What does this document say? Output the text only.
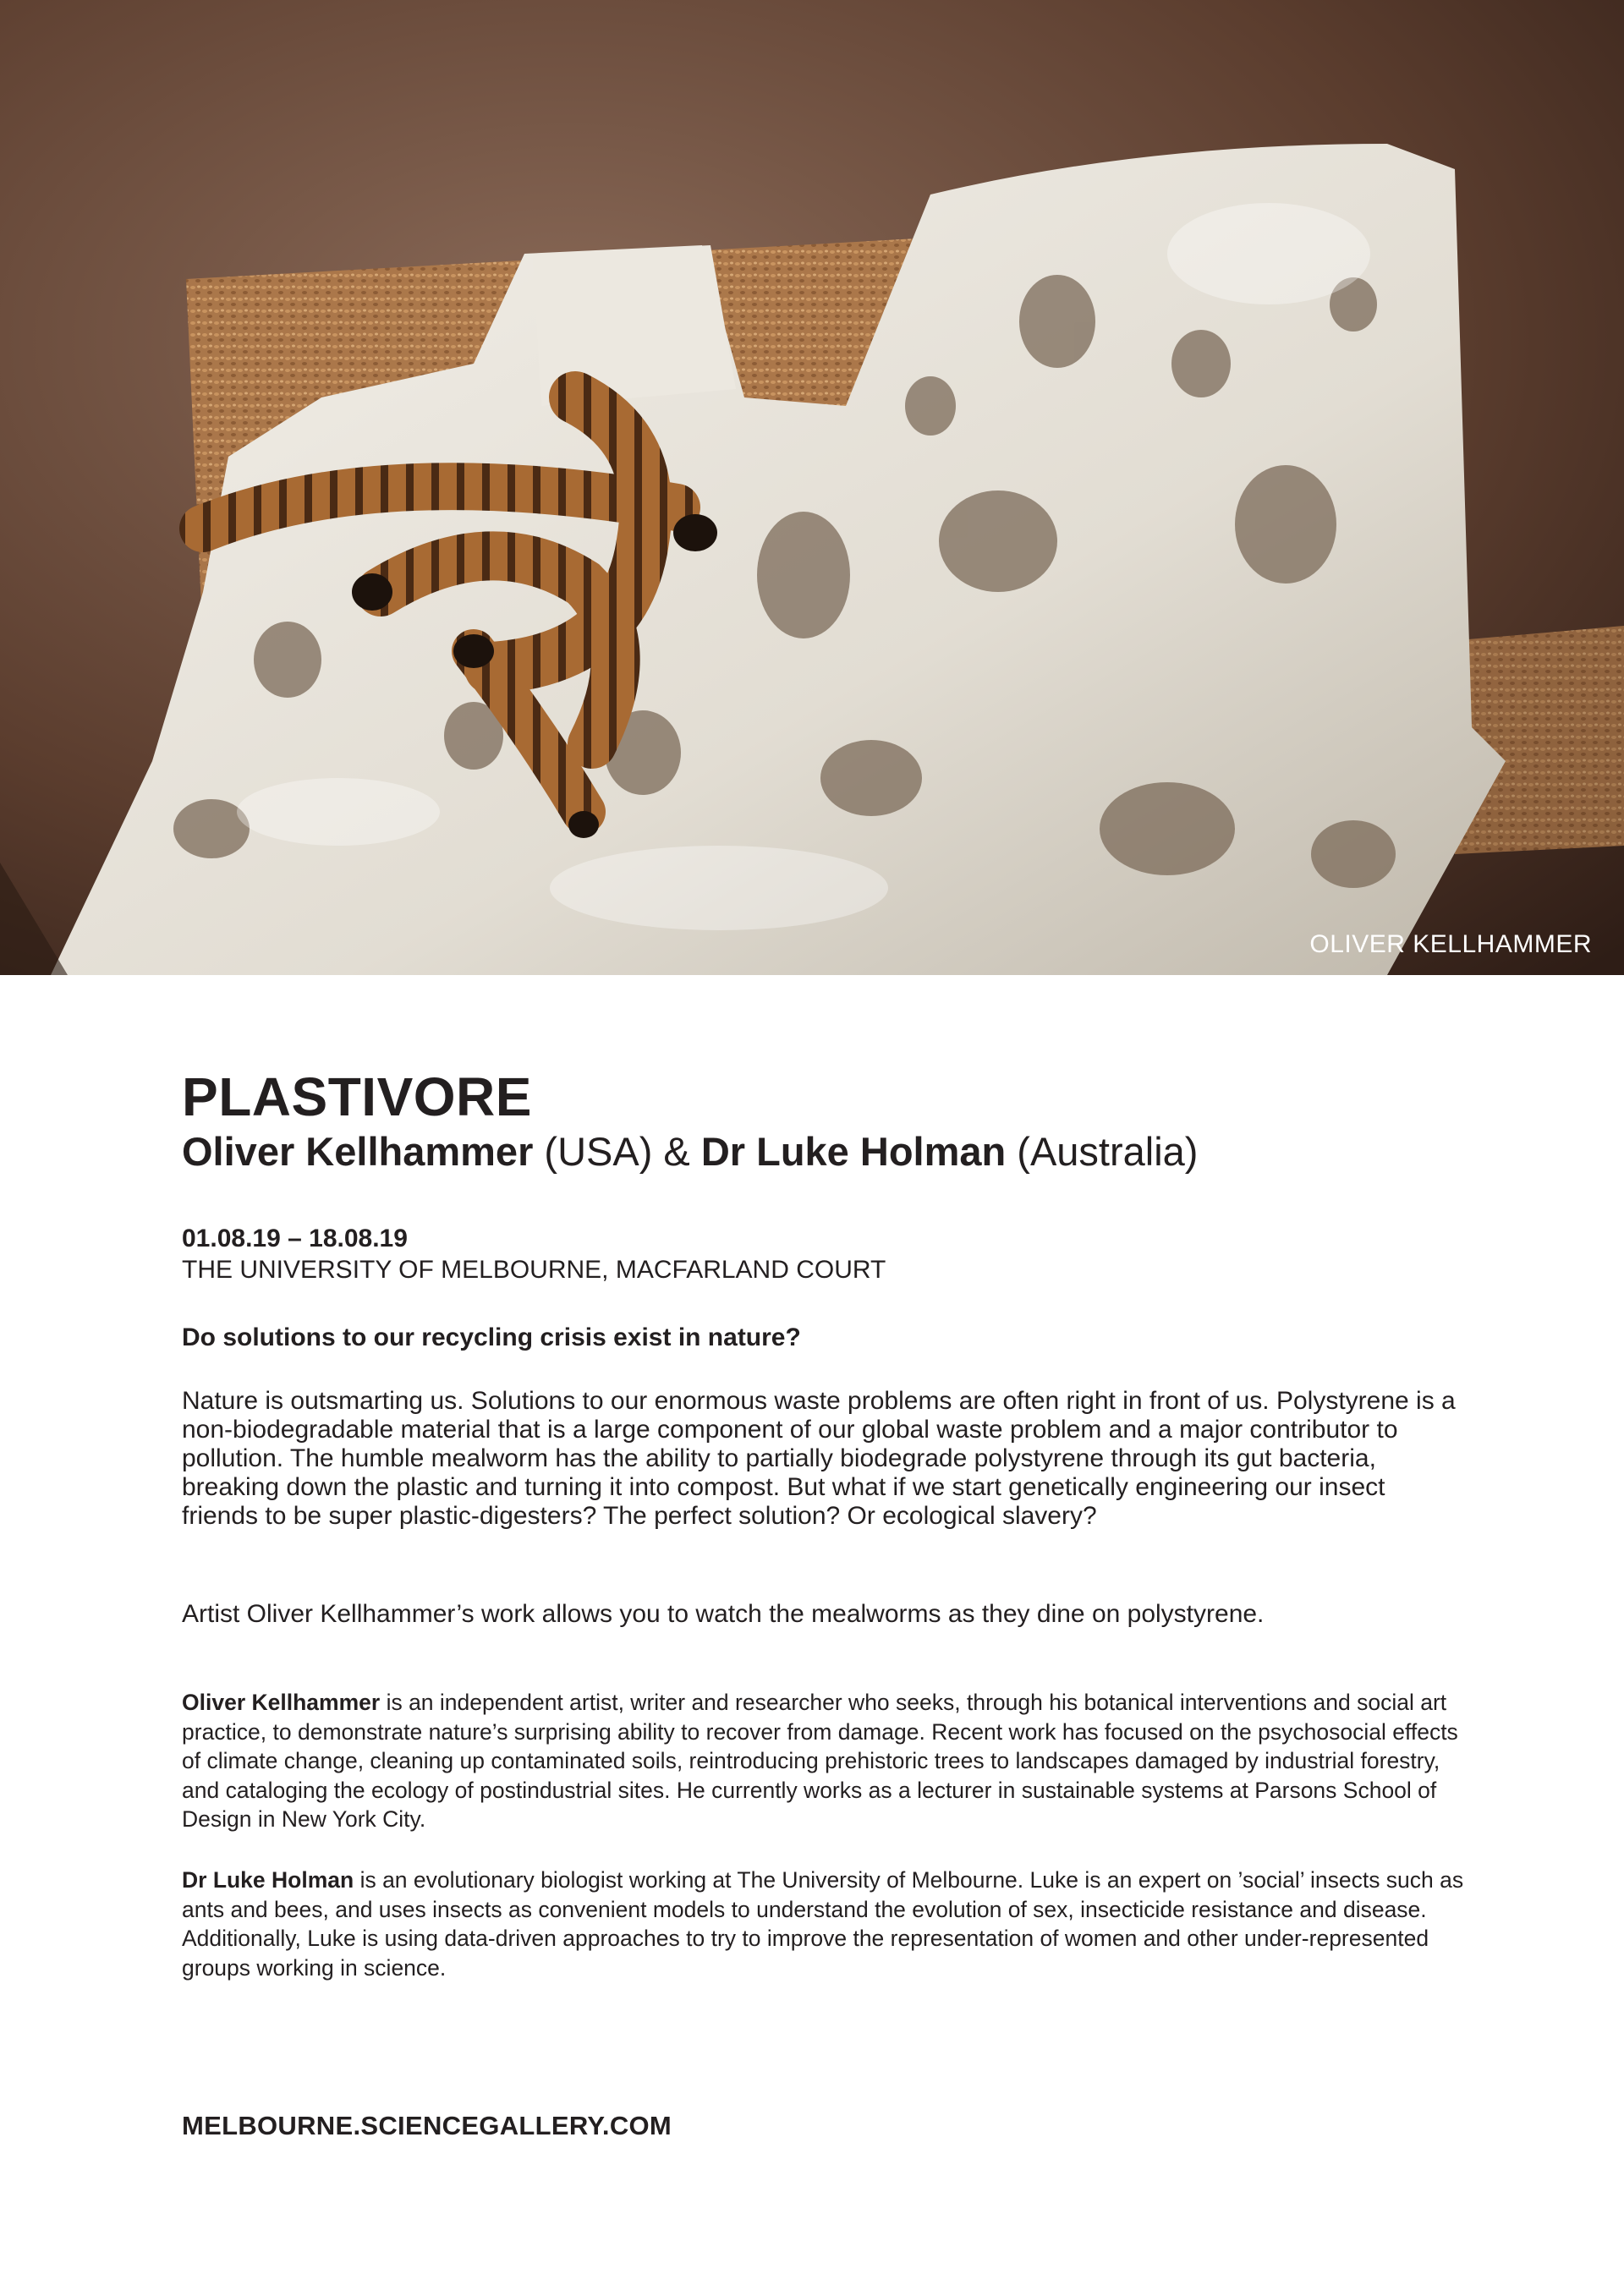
OLIVER KELLHAMMER
PLASTIVORE

Oliver Kellhammer (USA) & Dr Luke Holman (Australia)

01.08.19 – 18.08.19
THE UNIVERSITY OF MELBOURNE, MACFARLAND COURT
Do solutions to our recycling crisis exist in nature?

Nature is outsmarting us. Solutions to our enormous waste problems are often right in front of us. Polystyrene is a non-biodegradable material that is a large component of our global waste problem and a major contributor to pollution. The humble mealworm has the ability to partially biodegrade polystyrene through its gut bacteria, breaking down the plastic and turning it into compost. But what if we start genetically engineering our insect friends to be super plastic-digesters? The perfect solution? Or ecological slavery?

Artist Oliver Kellhammer’s work allows you to watch the mealworms as they dine on polystyrene.

Oliver Kellhammer is an independent artist, writer and researcher who seeks, through his botanical interventions and social art practice, to demonstrate nature’s surprising ability to recover from damage. Recent work has focused on the psychosocial effects of climate change, cleaning up contaminated soils, reintroducing prehistoric trees to landscapes damaged by industrial forestry, and cataloging the ecology of postindustrial sites. He currently works as a lecturer in sustainable systems at Parsons School of Design in New York City.

Dr Luke Holman is an evolutionary biologist working at The University of Melbourne. Luke is an expert on ’social’ insects such as ants and bees, and uses insects as convenient models to understand the evolution of sex, insecticide resistance and disease. Additionally, Luke is using data-driven approaches to try to improve the representation of women and other under-represented groups working in science.

MELBOURNE.SCIENCEGALLERY.COM
